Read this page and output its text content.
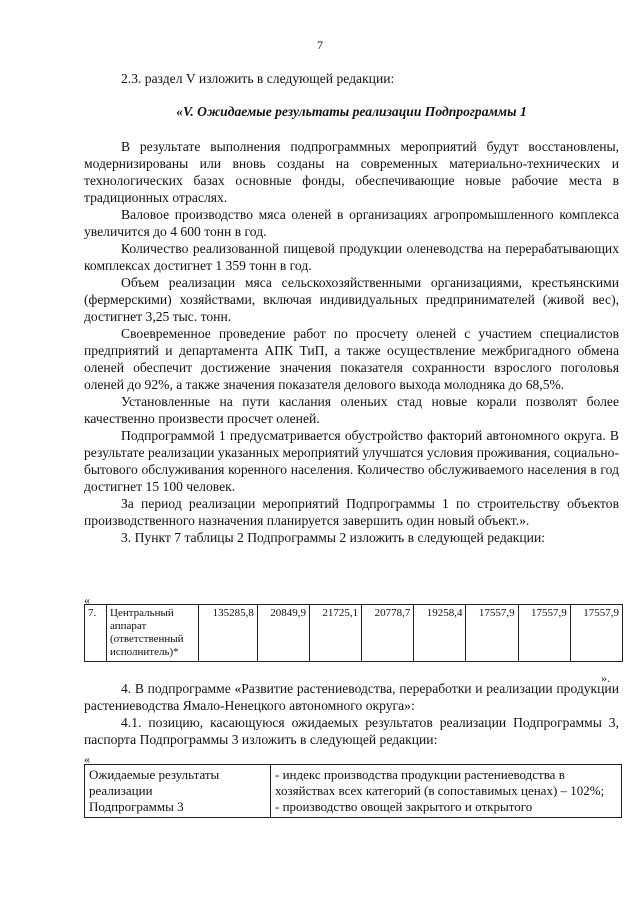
7

2.3. раздел V изложить в следующей редакции:

«V. Ожидаемые результаты реализации Подпрограммы 1

В результате выполнения подпрограммных мероприятий будут восстановлены, модернизированы или вновь созданы на современных материально-технических и технологических базах основные фонды, обеспечивающие новые рабочие места в традиционных отраслях.

Валовое производство мяса оленей в организациях агропромышленного комплекса увеличится до 4 600 тонн в год.

Количество реализованной пищевой продукции оленеводства на перерабатывающих комплексах достигнет 1 359 тонн в год.

Объем реализации мяса сельскохозяйственными организациями, крестьянскими (фермерскими) хозяйствами, включая индивидуальных предпринимателей (живой вес), достигнет 3,25 тыс. тонн.

Своевременное проведение работ по просчету оленей с участием специалистов предприятий и департамента АПК ТиП, а также осуществление межбригадного обмена оленей обеспечит достижение значения показателя сохранности взрослого поголовья оленей до 92%, а также значения показателя делового выхода молодняка до 68,5%.

Установленные на пути каслания оленьих стад новые корали позволят более качественно произвести просчет оленей.

Подпрограммой 1 предусматривается обустройство факторий автономного округа. В результате реализации указанных мероприятий улучшатся условия проживания, социально-бытового обслуживания коренного населения. Количество обслуживаемого населения в год достигнет 15 100 человек.

За период реализации мероприятий Подпрограммы 1 по строительству объектов производственного назначения планируется завершить один новый объект.».

3. Пункт 7 таблицы 2 Подпрограммы 2 изложить в следующей редакции:

«
7.	Центральный
аппарат
(ответственный
исполнитель)*
	135285,8	20849,9	21725,1	20778,7	19258,4	17557,9	17557,9	17557,9
».

4. В подпрограмме «Развитие растениеводства, переработки и реализации продукции растениеводства Ямало-Ненецкого автономного округа»:

4.1. позицию, касающуюся ожидаемых результатов реализации Подпрограммы 3, паспорта Подпрограммы 3 изложить в следующей редакции:

«
Ожидаемые результаты
реализации
Подпрограммы 3

- индекс производства продукции растениеводства в хозяйствах всех категорий (в сопоставимых ценах) – 102%;
- производство овощей закрытого и открытого
